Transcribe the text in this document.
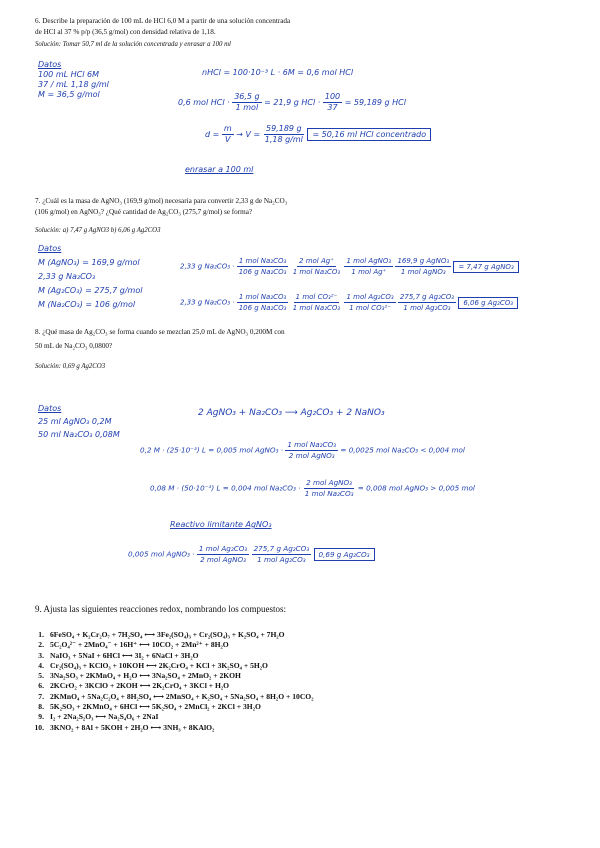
6. Describe la preparación de 100 mL de HCl 6,0 M a partir de una solución concentrada
de HCl al 37 % p/p (36,5 g/mol) con densidad relativa de 1,18.
Solución: Tomar 50,7 ml de la solución concentrada y enrasar a 100 ml
Datos
100 mL HCl 6M
37 / mL 1,18 g/ml
M = 36,5 g/mol
nHCl = 100·10⁻³ L · 6M = 0,6 mol HCl
0,6 mol HCl · $\frac{36,5 g}{\text{1 mol}} = 21,9$ g HCl · $\frac{100}{37} = 59,189$ g HCl
$d = \frac{m}{V} \to V = \frac{59,189 g}{1,18 g/ml} = 50,16$ ml HCl concentrado
enrasar a 100 ml
7. ¿Cuál es la masa de AgNO₃ (169,9 g/mol) necesaria para convertir 2,33 g de Na₂CO₃
(106 g/mol) en AgNO₃? ¿Qué cantidad de Ag₂CO₃ (275,7 g/mol) se forma?
Solución: a) 7,47 g AgNO3 b) 6,06 g Ag2CO3
Datos
M (AgNO₃) = 169,9 g/mol
2,33 g Na₂CO₃
M (Ag₂CO₃) = 275,7 g/mol
M (Na₂CO₃) = 106 g/mol
2,33 g $Na_2CO_3 \cdot \frac{\text{1 mol Na₂CO₃}}{\text{106 g Na₂CO₃}}$
$\frac{\text{2 mol Ag⁺}}{\text{1 mol Na₂CO₃}}$
$\frac{\text{1 mol AgNO₃}}{\text{1 mol Ag⁺}}$
$\frac{\text{169,9 g AgNO₃}}{\text{1 mol AgNO₃}} = 7,47$ g AgNO₃
2,33 g $Na_2CO_3 \cdot \frac{\text{1 mol Na₂CO₃}}{\text{106 g Na₂CO₃}}$
$\frac{\text{1 mol CO₃²⁻}}{\text{1 mol Na₂CO₃}}$
$\frac{\text{1 mol Ag₂CO₃}}{\text{1 mol CO₃²⁻}}$
$\frac{\text{275,7 g Ag₂CO₃}}{\text{1 mol Ag₂CO₃}} 6,06$ g Ag₂CO₃
8. ¿Qué masa de Ag₂CO₃ se forma cuando se mezclan 25,0 mL de AgNO₃ 0,200M con
50 mL de Na₂CO₃ 0,0800?
Solución: 0,69 g Ag2CO3
Datos
25 ml AgNO₃ 0,2M
50 ml Na₂CO₃ 0,08M
2 AgNO₃ + Na₂CO₃ ⟶ Ag₂CO₃ + 2 NaNO₃
0,2 M · (25·10⁻³) L = 0,005 mol AgNO₃ · $\frac{\text{1 mol Na₂CO₃}}{\text{2 mol AgNO₃}} = 0,0025$ mol Na₂CO₃ < 0,004 mol
0,08 M · (50·10⁻³) L = 0,004 mol $Na_2CO_3 \cdot \frac{\text{2 mol AgNO₃}}{\text{1 mol Na₂CO₃}} = 0,008$ mol AgNO₃ > 0,005 mol
Reactivo limitante AgNO₃
0,005 mol AgNO₃ · $\frac{\text{1 mol Ag₂CO₃}}{\text{2 mol AgNO₃}}$
$\frac{\text{275,7 g Ag₂CO₃}}{\text{1 mol Ag₂CO₃}} 0,69$ g Ag₂CO₃
9. Ajusta las siguientes reacciones redox, nombrando los compuestos:
1. 6FeSO₄ + K₂Cr₂O₇ + 7H₂SO₄ ⟷ 3Fe₂(SO₄)₃ + Cr₂(SO₄)₃ + K₂SO₄ + 7H₂O
2. 5C₂O₄²⁻ + 2MnO₄⁻ + 16H⁺ ⟷ 10CO₂ + 2Mn²⁺ + 8H₂O
3. NaIO₃ + 5NaI + 6HCl ⟷ 3I₂ + 6NaCl + 3H₂O
4. Cr₂(SO₄)₃ + KClO₃ + 10KOH ⟷ 2K₂CrO₄ + KCl + 3K₂SO₄ + 5H₂O
5. 3Na₂SO₃ + 2KMnO₄ + H₂O ⟷ 3Na₂SO₄ + 2MnO₂ + 2KOH
6. 2KCrO₂ + 3KClO + 2KOH ⟷ 2K₂CrO₄ + 3KCl + H₂O
7. 2KMnO₄ + 5Na₂C₂O₄ + 8H₂SO₄ ⟷ 2MnSO₄ + K₂SO₄ + 5Na₂SO₄ + 8H₂O + 10CO₂
8. 5K₂SO₃ + 2KMnO₄ + 6HCl ⟷ 5K₂SO₄ + 2MnCl₂ + 2KCl + 3H₂O
9. I₂ + 2Na₂S₂O₃ ⟷ Na₂S₄O₆ + 2NaI
10. 3KNO₂ + 8Al + 5KOH + 2H₂O ⟷ 3NH₃ + 8KAlO₂
